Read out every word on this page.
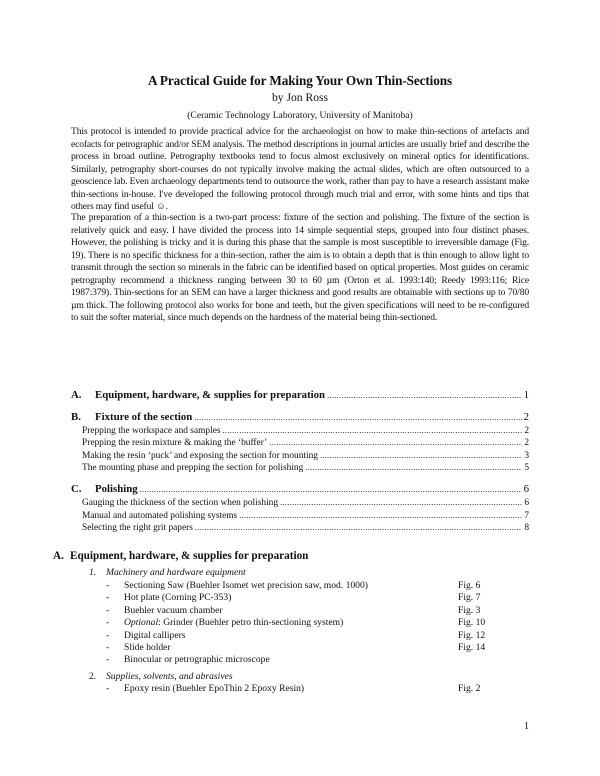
A Practical Guide for Making Your Own Thin-Sections
by Jon Ross
(Ceramic Technology Laboratory, University of Manitoba)
This protocol is intended to provide practical advice for the archaeologist on how to make thin-sections of artefacts and ecofacts for petrographic and/or SEM analysis. The method descriptions in journal articles are usually brief and describe the process in broad outline. Petrography textbooks tend to focus almost exclusively on mineral optics for identifications. Similarly, petrography short-courses do not typically involve making the actual slides, which are often outsourced to a geoscience lab. Even archaeology departments tend to outsource the work, rather than pay to have a research assistant make thin-sections in-house. I've developed the following protocol through much trial and error, with some hints and tips that others may find useful ☺.
The preparation of a thin-section is a two-part process: fixture of the section and polishing. The fixture of the section is relatively quick and easy. I have divided the process into 14 simple sequential steps, grouped into four distinct phases. However, the polishing is tricky and it is during this phase that the sample is most susceptible to irreversible damage (Fig. 19). There is no specific thickness for a thin-section, rather the aim is to obtain a depth that is thin enough to allow light to transmit through the section so minerals in the fabric can be identified based on optical properties. Most guides on ceramic petrography recommend a thickness ranging between 30 to 60 µm (Orton et al. 1993:140; Reedy 1993:116; Rice 1987:379). Thin-sections for an SEM can have a larger thickness and good results are obtainable with sections up to 70/80 µm thick. The following protocol also works for bone and teeth, but the given specifications will need to be re-configured to suit the softer material, since much depends on the hardness of the material being thin-sectioned.
A.	Equipment, hardware, & supplies for preparation .....	1
B.	Fixture of the section .....	2
Prepping the workspace and samples .....	2
Prepping the resin mixture & making the ‘buffer’ .....	2
Making the resin ‘puck’ and exposing the section for mounting .....	3
The mounting phase and prepping the section for polishing .....	5
C.	Polishing .....	6
Gauging the thickness of the section when polishing .....	6
Manual and automated polishing systems .....	7
Selecting the right grit papers .....	8
A. Equipment, hardware, & supplies for preparation
1. Machinery and hardware equipment
- Sectioning Saw (Buehler Isomet wet precision saw, mod. 1000)	Fig. 6
- Hot plate (Corning PC-353)	Fig. 7
- Buehler vacuum chamber	Fig. 3
- Optional: Grinder (Buehler petro thin-sectioning system)	Fig. 10
- Digital callipers	Fig. 12
- Slide holder	Fig. 14
- Binocular or petrographic microscope
2. Supplies, solvents, and abrasives
- Epoxy resin (Buehler EpoThin 2 Epoxy Resin)	Fig. 2
1
